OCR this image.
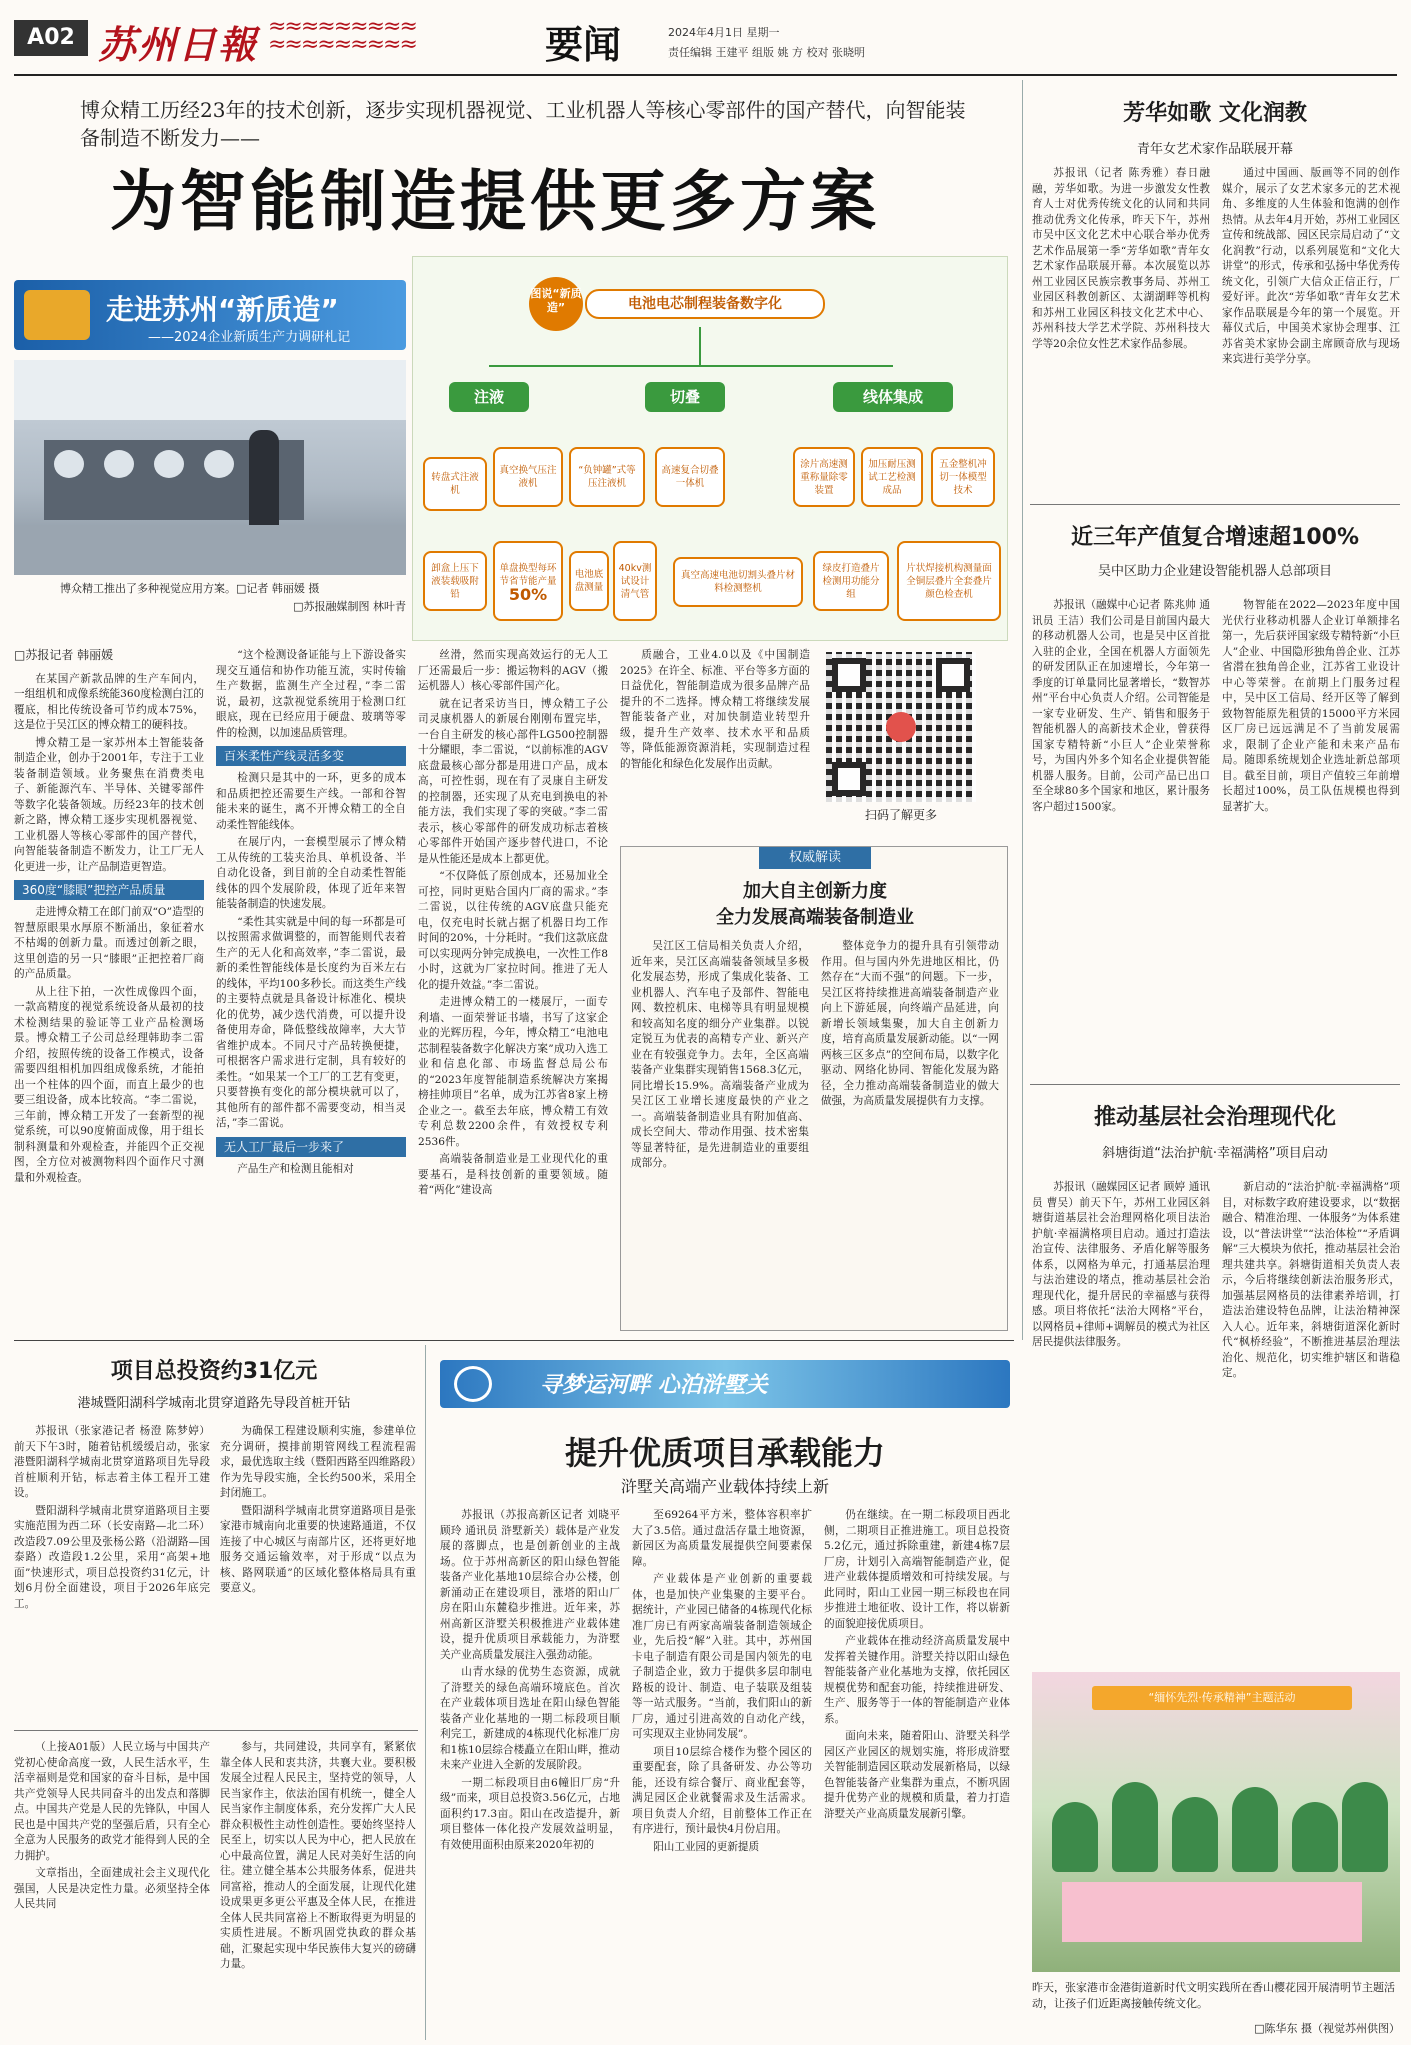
A02 苏州日報 ≈≈≈≈≈≈≈≈≈
≈≈≈≈≈≈≈≈≈	要闻	2024年4月1日 星期一
责任编辑 王建平 组版 姚 方 校对 张晓明
博众精工历经23年的技术创新，逐步实现机器视觉、工业机器人等核心零部件的国产替代，向智能装备制造不断发力——
为智能制造提供更多方案
走进苏州“新质造”
——2024企业新质生产力调研札记
博众精工推出了多种视觉应用方案。□记者 韩丽媛 摄
□苏报融媒制图 林叶青
图说“新质造”	电池电芯制程装备数字化
注液	切叠	线体集成
转盘式注液机
真空换气压注液机
“负钟罐”式等压注液机
高速复合切叠一体机
涂片高速测重称量除零装置
加压耐压测试工艺检测成品
五金整机冲切一体模型技术
卸盒上压下液装载吸附铅
单盘换型每环节省节能产量
50%
电池底盘测量
40kv测试设计清气管
真空高速电池切割头叠片材料检测整机
绿皮打造叠片检测用功能分组
片状焊接机构测量面全铜层叠片全套叠片颜色检查机
□苏报记者 韩丽媛
在某国产新款品牌的生产车间内，一组组机和成像系统能360度检测白江的覆底，相比传统设备可节约成本75%，这是位于吴江区的博众精工的硬科技。
博众精工是一家苏州本土智能装备制造企业，创办于2001年，专注于工业装备制造领域。业务聚焦在消费类电子、新能源汽车、半导体、关键零部件等数字化装备领域。历经23年的技术创新之路，博众精工逐步实现机器视觉、工业机器人等核心零部件的国产替代，向智能装备制造不断发力，让工厂无人化更进一步，让产品制造更智造。
360度“膝眼”把控产品质量
走进博众精工在郎门前双“O”造型的智慧原眼果水厚原不断涌出，象征着水不枯竭的创新力量。而透过创新之眼，这里创造的另一只“膝眼”正把控着厂商的产品质量。
从上往下拍，一次性成像四个面，一款高精度的视觉系统设备从最初的技术检测结果的验证等工业产品检测场景。博众精工子公司总经理韩助李二雷介绍，按照传统的设备工作模式，设备需要四组相机加四组成像系统，才能拍出一个柱体的四个面，而直上最少的也要三组设备，成本比较高。“李二雷说，三年前，博众精工开发了一套新型的视觉系统，可以90度俯面成像，用于组长制科测量和外观检查，并能四个正交视图，全方位对被测物料四个面作尺寸测量和外观检查。
“这个检测设备证能与上下游设备实现交互通信和协作功能互流，实时传输生产数据，监测生产全过程，”李二雷说，最初，这款视觉系统用于检测口红眼底，现在已经应用于硬盘、玻璃等零件的检测，以加速品质管理。
百米柔性产线灵活多变
检测只是其中的一环，更多的成本和品质把控还需要生产线。一部和谷智能未来的诞生，离不开博众精工的全自动柔性智能线体。
在展厅内，一套模型展示了博众精工从传统的工装夹治具、单机设备、半自动化设备，到目前的全自动柔性智能线体的四个发展阶段，体现了近年来智能装备制造的快速发展。
“柔性其实就是中间的每一环都是可以按照需求做调整的，而智能则代表着生产的无人化和高效率，”李二雷说，最新的柔性智能线体是长度约为百米左右的线体，平均100多秒长。而这类生产线的主要特点就是具备设计标准化、模块化的优势，减少迭代消费，可以提升设备使用寿命，降低整线故障率，大大节省维护成本。不同尺寸产品转换便捷，可根据客户需求进行定制，具有较好的柔性。“如果某一个工厂的工艺有变更，只要替换有变化的部分模块就可以了，其他所有的部件都不需要变动，相当灵活，”李二雷说。
无人工厂最后一步来了
产品生产和检测且能相对
丝滑，然而实现高效运行的无人工厂还需最后一步：搬运物料的AGV（搬运机器人）核心零部件国产化。
就在记者采访当日，博众精工子公司灵康机器人的新展台刚刚布置完毕，一台自主研发的核心部件LG500控制器十分耀眼，李二雷说，“以前标准的AGV底盘最核心部分都是用进口产品，成本高，可控性弱，现在有了灵康自主研发的控制器，还实现了从充电到换电的补能方法，我们实现了零的突破。”李二雷表示，核心零部件的研发成功标志着核心零部件开始国产逐步替代进口，不论是从性能还是成本上都更优。
“不仅降低了原创成本，还易加业全可控，同时更贴合国内厂商的需求。”李二雷说，以往传统的AGV底盘只能充电，仅充电时长就占据了机器日均工作时间的20%，十分耗时。“我们这款底盘可以实现两分钟完成换电，一次性工作8小时，这就为厂家拉时间。推进了无人化的提升效益。”李二雷说。
走进博众精工的一楼展厅，一面专利墙、一面荣誉证书墙，书写了这家企业的光辉历程，今年，博众精工“电池电芯制程装备数字化解决方案”成功入选工业和信息化部、市场监督总局公布的“2023年度智能制造系统解决方案揭榜挂帅项目”名单，成为江苏省8家上榜企业之一。截至去年底，博众精工有效专利总数2200余件，有效授权专利2536件。
高端装备制造业是工业现代化的重要基石，是科技创新的重要领域。随着“两化”建设高
质融合，工业4.0以及《中国制造2025》在许全、标准、平台等多方面的日益优化，智能制造成为很多品牌产品提升的不二选择。博众精工将继续发展智能装备产业，对加快制造业转型升级，提升生产效率、技术水平和品质等，降低能源资源消耗，实现制造过程的智能化和绿色化发展作出贡献。
扫码了解更多
权威解读
加大自主创新力度
全力发展高端装备制造业
吴江区工信局相关负责人介绍，近年来，吴江区高端装备领域呈多极化发展态势，形成了集成化装备、工业机器人、汽车电子及部件、智能电网、数控机床、电梯等具有明显规模和较高知名度的细分产业集群。以锐定锐互为优表的高精专产业、新兴产业在有较强竞争力。去年，全区高端装备产业集群实现销售1568.3亿元，同比增长15.9%。高端装备产业成为吴江区工业增长速度最快的产业之一。高端装备制造业具有附加值高、成长空间大、带动作用强、技术密集等显著特征，是先进制造业的重要组成部分。
整体竞争力的提升具有引领带动作用。但与国内外先进地区相比，仍然存在“大而不强”的问题。下一步，吴江区将持续推进高端装备制造产业向上下游延展，向终端产品延进，向新增长领域集聚，加大自主创新力度，培育高质量发展新动能。以“一网两核三区多点”的空间布局，以数字化驱动、网络化协同、智能化发展为路径，全力推动高端装备制造业的做大做强，为高质量发展提供有力支撑。
芳华如歌 文化润教
青年女艺术家作品联展开幕
苏报讯（记者 陈秀雅）春日融融，芳华如歌。为进一步激发女性教育人士对优秀传统文化的认同和共同推动优秀文化传承，昨天下午，苏州市吴中区文化艺术中心联合举办优秀艺术作品展第一季“芳华如歌”青年女艺术家作品联展开幕。本次展览以苏州工业园区民族宗教事务局、苏州工业园区科教创新区、太湖湖畔等机构和苏州工业园区科技文化艺术中心、苏州科技大学艺术学院、苏州科技大学等20余位女性艺术家作品参展。
通过中国画、版画等不同的创作媒介，展示了女艺术家多元的艺术视角、多维度的人生体验和饱满的创作热情。从去年4月开始，苏州工业园区宣传和统战部、园区民宗局启动了“文化润教”行动，以系列展览和“文化大讲堂”的形式，传承和弘扬中华优秀传统文化，引领广大信众正信正行，厂爱好评。此次“芳华如歌”青年女艺术家作品联展是今年的第一个展览。开幕仪式后，中国美术家协会理事、江苏省美术家协会副主席顾奇欣与现场来宾进行美学分享。
近三年产值复合增速超100%
吴中区助力企业建设智能机器人总部项目
苏报讯（融媒中心记者 陈兆帅 通讯员 王洁）我们公司是目前国内最大的移动机器人公司，也是吴中区首批入驻的企业，全国在机器人方面领先的研发团队正在加速增长，今年第一季度的订单量同比显著增长，“数智苏州”平台中心负责人介绍。公司智能是一家专业研发、生产、销售和服务于智能机器人的高新技术企业，曾获得国家专精特新“小巨人”企业荣誉称号，为国内外多个知名企业提供智能机器人服务。目前，公司产品已出口至全球80多个国家和地区，累计服务客户超过1500家。
物智能在2022—2023年度中国光伏行业移动机器人企业订单额排名第一，先后获评国家级专精特新“小巨人”企业、中国隐形独角兽企业、江苏省潜在独角兽企业，江苏省工业设计中心等荣誉。在前期上门服务过程中，吴中区工信局、经开区等了解到致物智能原先租赁的15000平方米园区厂房已远远满足不了当前发展需求，限制了企业产能和未来产品布局。随即系统规划企业选址新总部项目。截至目前，项目产值较三年前增长超过100%，员工队伍规模也得到显著扩大。
推动基层社会治理现代化
斜塘街道“法治护航·幸福满格”项目启动
苏报讯（融媒园区记者 顾婷 通讯员 曹吴）前天下午，苏州工业园区斜塘街道基层社会治理网格化项目法治护航·幸福满格项目启动。通过打造法治宣传、法律服务、矛盾化解等服务体系，以网格为单元，打通基层治理与法治建设的堵点，推动基层社会治理现代化，提升居民的幸福感与获得感。项目将依托“法治大网格”平台，以网格员+律师+调解员的模式为社区居民提供法律服务。
新启动的“法治护航·幸福满格”项目，对标数字政府建设要求，以“数据融合、精准治理、一体服务”为体系建设，以“普法讲堂”“法治体检”“矛盾调解”三大模块为依托，推动基层社会治理共建共享。斜塘街道相关负责人表示，今后将继续创新法治服务形式，加强基层网格员的法律素养培训，打造法治建设特色品牌，让法治精神深入人心。近年来，斜塘街道深化新时代“枫桥经验”，不断推进基层治理法治化、规范化，切实维护辖区和谐稳定。
“缅怀先烈·传承精神”主题活动
昨天，张家港市金港街道新时代文明实践所在香山樱花园开展清明节主题活动，让孩子们近距离接触传统文化。
□陈华东 摄（视觉苏州供图）
项目总投资约31亿元
港城暨阳湖科学城南北贯穿道路先导段首桩开钻
苏报讯（张家港记者 杨澄 陈梦婷）前天下午3时，随着钻机缓缓启动，张家港暨阳湖科学城南北贯穿道路项目先导段首桩顺利开钻，标志着主体工程开工建设。
暨阳湖科学城南北贯穿道路项目主要实施范围为西二环（长安南路—北二环）改造段7.09公里及张杨公路（沿湖路—国泰路）改造段1.2公里，采用“高架+地面”快速形式，项目总投资约31亿元，计划6月份全面建设，项目于2026年底完工。
为确保工程建设顺利实施，参建单位充分调研，摸排前期管网线工程流程需求，最优选取主线（暨阳西路至四维路段）作为先导段实施，全长约500米，采用全封闭施工。
暨阳湖科学城南北贯穿道路项目是张家港市城南向北重要的快速路通道，不仅连接了中心城区与南部片区，还将更好地服务交通运输效率，对于形成“以点为核、路网联通”的区域化整体格局具有重要意义。
（上接A01版）人民立场与中国共产党初心使命高度一致，人民生活水平，生活幸福则是党和国家的奋斗目标，是中国共产党领导人民共同奋斗的出发点和落脚点。中国共产党是人民的先锋队，中国人民也是中国共产党的坚强后盾，只有全心全意为人民服务的政党才能得到人民的全力拥护。
文章指出，全面建成社会主义现代化强国，人民是决定性力量。必须坚持全体人民共同
参与，共同建设，共同享有，紧紧依靠全体人民和衷共济，共襄大业。要积极发展全过程人民民主，坚持党的领导，人民当家作主，依法治国有机统一，健全人民当家作主制度体系，充分发挥广大人民群众积极性主动性创造性。要始终坚持人民至上，切实以人民为中心，把人民放在心中最高位置，满足人民对美好生活的向往。建立健全基本公共服务体系，促进共同富裕，推动人的全面发展，让现代化建设成果更多更公平惠及全体人民，在推进全体人民共同富裕上不断取得更为明显的实质性进展。不断巩固党执政的群众基础，汇聚起实现中华民族伟大复兴的磅礴力量。
寻梦运河畔 心泊浒墅关
提升优质项目承载能力
浒墅关高端产业载体持续上新
苏报讯（苏报高新区记者 刘晓平 顾玲 通讯员 浒墅新关）载体是产业发展的落脚点，也是创新创业的主战场。位于苏州高新区的阳山绿色智能装备产业化基地10层综合办公楼，创新涌动正在建设项目，涨塔的阳山厂房在阳山东麓稳步推进。近年来，苏州高新区浒墅关积极推进产业载体建设，提升优质项目承载能力，为浒墅关产业高质量发展注入强劲动能。
山青水绿的优势生态资源，成就了浒墅关的绿色高端环境底色。首次在产业载体项目选址在阳山绿色智能装备产业化基地的一期二标段项目顺利完工，新建成的4栋现代化标准厂房和1栋10层综合楼矗立在阳山畔，推动未来产业进入全新的发展阶段。
一期二标段项目由6幢旧厂房“升级”而来，项目总投资3.56亿元，占地面积约17.3亩。阳山在改造提升，新项目整体一体化投产发展效益明显，有效使用面积由原来2020年初的
至69264平方米，整体容积率扩大了3.5倍。通过盘活存量土地资源，新园区为高质量发展提供空间要素保障。
产业载体是产业创新的重要载体，也是加快产业集聚的主要平台。据统计，产业园已储备的4栋现代化标准厂房已有两家高端装备制造领域企业，先后投“解”入驻。其中，苏州国卡电子制造有限公司是国内领先的电子制造企业，致力于提供多层印制电路板的设计、制造、电子装联及组装等一站式服务。“当前，我们阳山的新厂房，通过引进高效的自动化产线，可实现双主业协同发展”。
项目10层综合楼作为整个园区的重要配套，除了具备研发、办公等功能，还设有综合餐厅、商业配套等，满足园区企业就餐需求及生活需求。项目负责人介绍，目前整体工作正在有序进行，预计最快4月份启用。
阳山工业园的更新提质
仍在继续。在一期二标段项目西北侧，二期项目正推进施工。项目总投资5.2亿元，通过拆除重建，新建4栋7层厂房，计划引入高端智能制造产业，促进产业载体提质增效和可持续发展。与此同时，阳山工业园一期三标段也在同步推进土地征收、设计工作，将以崭新的面貌迎接优质项目。
产业载体在推动经济高质量发展中发挥着关键作用。浒墅关持以阳山绿色智能装备产业化基地为支撑，依托园区规模优势和配套功能，持续推进研发、生产、服务等于一体的智能制造产业体系。
面向未来，随着阳山、浒墅关科学园区产业园区的规划实施，将形成浒墅关智能制造园区联动发展新格局，以绿色智能装备产业集群为重点，不断巩固提升优势产业的规模和质量，着力打造浒墅关产业高质量发展新引擎。
